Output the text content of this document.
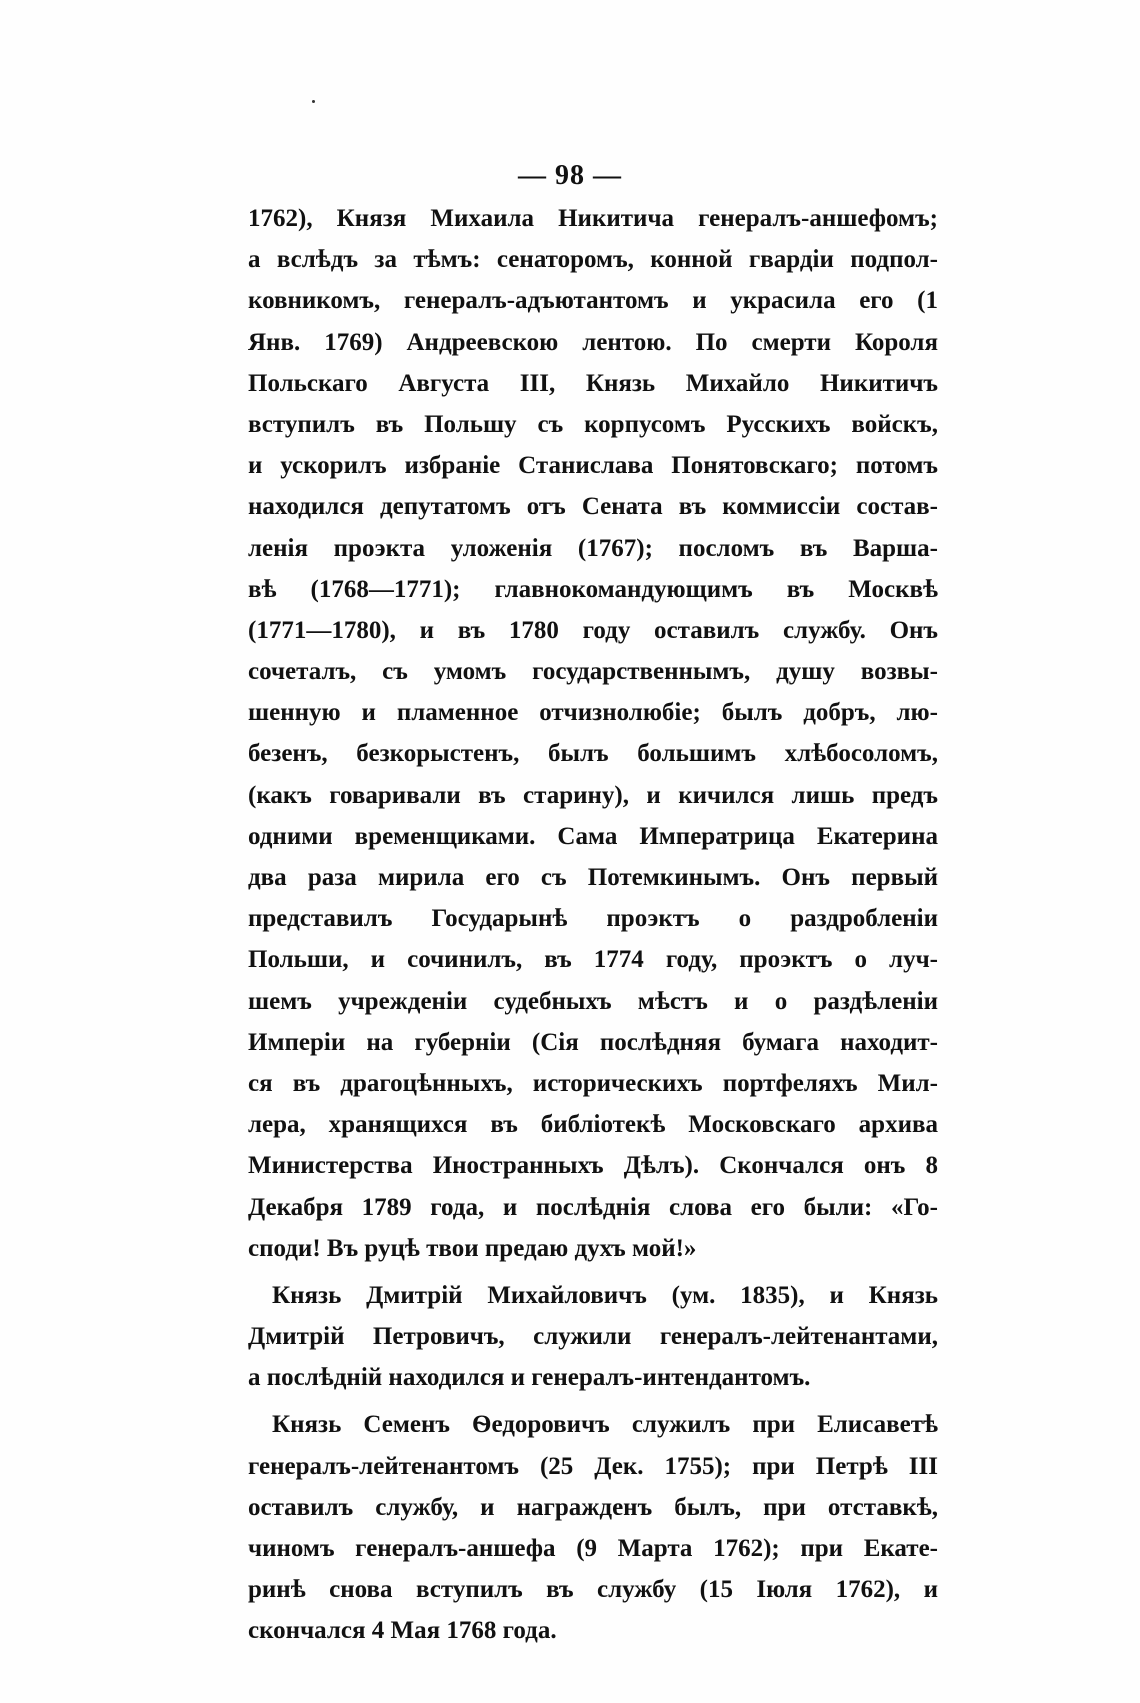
— 98 —
1762), Князя Михаила Никитича генералъ-аншефомъ;
а вслѣдъ за тѣмъ: сенаторомъ, конной гвардіи подпол-
ковникомъ, генералъ-адъютантомъ и украсила его (1
Янв. 1769) Андреевскою лентою. По смерти Короля
Польскаго Августа III, Князь Михайло Никитичъ
вступилъ въ Польшу съ корпусомъ Русскихъ войскъ,
и ускорилъ избраніе Станислава Понятовскаго; потомъ
находился депутатомъ отъ Сената въ коммиссіи состав-
ленія проэкта уложенія (1767); посломъ въ Варша-
вѣ (1768—1771); главнокомандующимъ въ Москвѣ
(1771—1780), и въ 1780 году оставилъ службу. Онъ
сочеталъ, съ умомъ государственнымъ, душу возвы-
шенную и пламенное отчизнолюбіе; былъ добръ, лю-
безенъ, безкорыстенъ, былъ большимъ хлѣбосоломъ,
(какъ говаривали въ старину), и кичился лишь предъ
одними временщиками. Сама Императрица Екатерина
два раза мирила его съ Потемкинымъ. Онъ первый
представилъ Государынѣ проэктъ о раздробленіи
Польши, и сочинилъ, въ 1774 году, проэктъ о луч-
шемъ учрежденіи судебныхъ мѣстъ и о раздѣленіи
Имперіи на губерніи (Сія послѣдняя бумага находит-
ся въ драгоцѣнныхъ, историческихъ портфеляхъ Мил-
лера, хранящихся въ библіотекѣ Московскаго архива
Министерства Иностранныхъ Дѣлъ). Скончался онъ 8
Декабря 1789 года, и послѣднія слова его были: «Го-
споди! Въ руцѣ твои предаю духъ мой!»
Князь Дмитрій Михайловичъ (ум. 1835), и Князь
Дмитрій Петровичъ, служили генералъ-лейтенантами,
а послѣдній находился и генералъ-интендантомъ.
Князь Семенъ Ѳедоровичъ служилъ при Елисаветѣ
генералъ-лейтенантомъ (25 Дек. 1755); при Петрѣ III
оставилъ службу, и награжденъ былъ, при отставкѣ,
чиномъ генералъ-аншефа (9 Марта 1762); при Екате-
ринѣ снова вступилъ въ службу (15 Іюля 1762), и
скончался 4 Мая 1768 года.
